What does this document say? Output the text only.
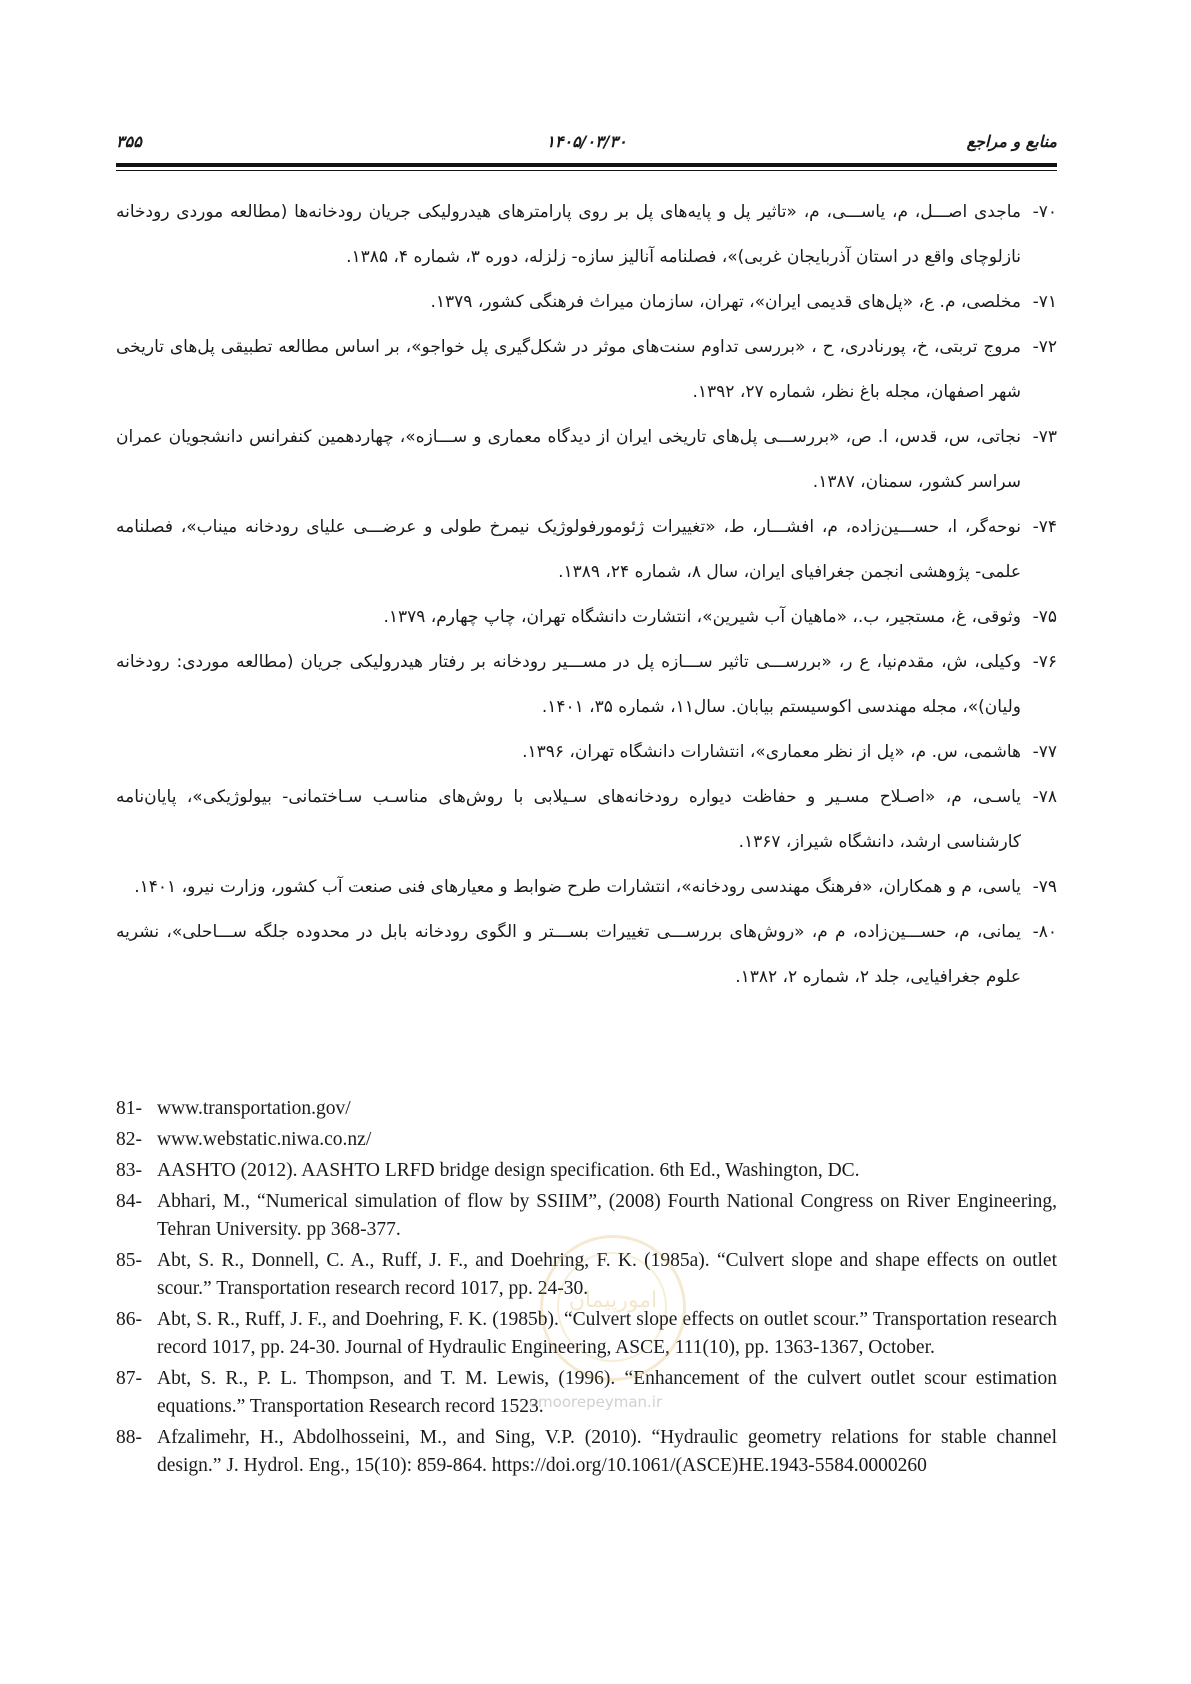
منابع و مراجع
۱۴۰۵/۰۳/۳۰
۳۵۵
۷۰-
ماجدی اصـــل، م، یاســـی، م، «تاثیر پل و پایه‌های پل بر روی پارامترهای هیدرولیکی جریان رودخانه‌ها (مطالعه موردی رودخانه نازلوچای واقع در استان آذربایجان غربی)»، فصلنامه آنالیز سازه- زلزله، دوره ۳، شماره ۴، ۱۳۸۵.
۷۱-
مخلصی، م. ع، «پل‌های قدیمی ایران»، تهران، سازمان میراث فرهنگی کشور، ۱۳۷۹.
۷۲-
مروج تربتی، خ، پورنادری، ح ، «بررسی تداوم سنت‌های موثر در شکل‌گیری پل خواجو»، بر اساس مطالعه تطبیقی پل‌های تاریخی شهر اصفهان، مجله باغ نظر، شماره ۲۷، ۱۳۹۲.
۷۳-
نجاتی، س، قدس، ا. ص، «بررســـی پل‌های تاریخی ایران از دیدگاه معماری و ســـازه»، چهاردهمین کنفرانس دانشجویان عمران سراسر کشور، سمنان، ۱۳۸۷.
۷۴-
نوحه‌گر، ا، حســـین‌زاده، م، افشـــار، ط، «تغییرات ژئومورفولوژیک نیمرخ طولی و عرضـــی علیای رودخانه میناب»، فصلنامه علمی- پژوهشی انجمن جغرافیای ایران، سال ۸، شماره ۲۴، ۱۳۸۹.
۷۵-
وثوقی، غ، مستجیر، ب.، «ماهیان آب شیرین»، انتشارت دانشگاه تهران، چاپ چهارم، ۱۳۷۹.
۷۶-
وکیلی، ش، مقدم‌نیا، ع ر، «بررســـی تاثیر ســـازه پل در مســـیر رودخانه بر رفتار هیدرولیکی جریان (مطالعه موردی: رودخانه ولیان)»، مجله مهندسی اکوسیستم بیابان. سال۱۱، شماره ۳۵، ۱۴۰۱.
۷۷-
هاشمی، س. م، «پل از نظر معماری»، انتشارات دانشگاه تهران، ۱۳۹۶.
۷۸-
یاسـی، م، «اصـلاح مسـیر و حفاظت دیواره رودخانه‌های سـیلابی با روش‌های مناسـب سـاختمانی- بیولوژیکی»، پایان‌نامه کارشناسی ارشد، دانشگاه شیراز، ۱۳۶۷.
۷۹-
یاسی، م و همکاران، «فرهنگ مهندسی رودخانه»، انتشارات طرح ضوابط و معیارهای فنی صنعت آب کشور، وزارت نیرو، ۱۴۰۱.
۸۰-
یمانی، م، حســـین‌زاده، م م، «روش‌های بررســـی تغییرات بســـتر و الگوی رودخانه بابل در محدوده جلگه ســـاحلی»، نشریه علوم جغرافیایی، جلد ۲، شماره ۲، ۱۳۸۲.
81- www.transportation.gov/
82- www.webstatic.niwa.co.nz/
83- AASHTO (2012). AASHTO LRFD bridge design specification. 6th Ed., Washington, DC.
84- Abhari, M., “Numerical simulation of flow by SSIIM”, (2008) Fourth National Congress on River Engineering, Tehran University. pp 368-377.
85- Abt, S. R., Donnell, C. A., Ruff, J. F., and Doehring, F. K. (1985a). “Culvert slope and shape effects on outlet scour.” Transportation research record 1017, pp. 24-30.
86- Abt, S. R., Ruff, J. F., and Doehring, F. K. (1985b). “Culvert slope effects on outlet scour.” Transportation research record 1017, pp. 24-30. Journal of Hydraulic Engineering, ASCE, 111(10), pp. 1363-1367, October.
87- Abt, S. R., P. L. Thompson, and T. M. Lewis, (1996). “Enhancement of the culvert outlet scour estimation equations.” Transportation Research record 1523.
88- Afzalimehr, H., Abdolhosseini, M., and Sing, V.P. (2010). “Hydraulic geometry relations for stable channel design.” J. Hydrol. Eng., 15(10): 859-864. https://doi.org/10.1061/(ASCE)HE.1943-5584.0000260
امورپیمان
omoorepeyman.ir
